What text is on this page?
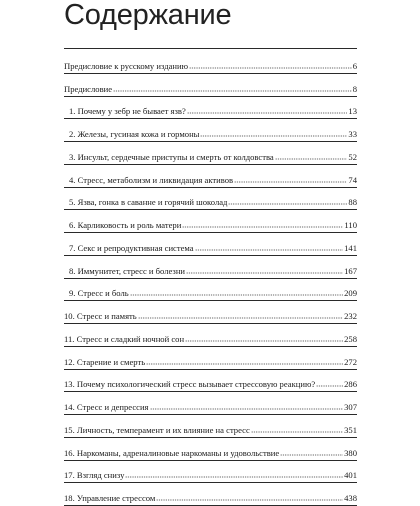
Содержание
Предисловие к русскому изданию	6
Предисловие	8
1. Почему у зебр не бывает язв?	13
2. Железы, гусиная кожа и гормоны	33
3. Инсульт, сердечные приступы и смерть от колдовства	52
4. Стресс, метаболизм и ликвидация активов	74
5. Язва, гонка в саванне и горячий шоколад	88
6. Карликовость и роль матери	110
7. Секс и репродуктивная система	141
8. Иммунитет, стресс и болезни	167
9. Стресс и боль	209
10. Стресс и память	232
11. Стресс и сладкий ночной сон	258
12. Старение и смерть	272
13. Почему психологический стресс вызывает стрессовую реакцию?	286
14. Стресс и депрессия	307
15. Личность, темперамент и их влияние на стресс	351
16. Наркоманы, адреналиновые наркоманы и удовольствие	380
17. Взгляд снизу	401
18. Управление стрессом	438
